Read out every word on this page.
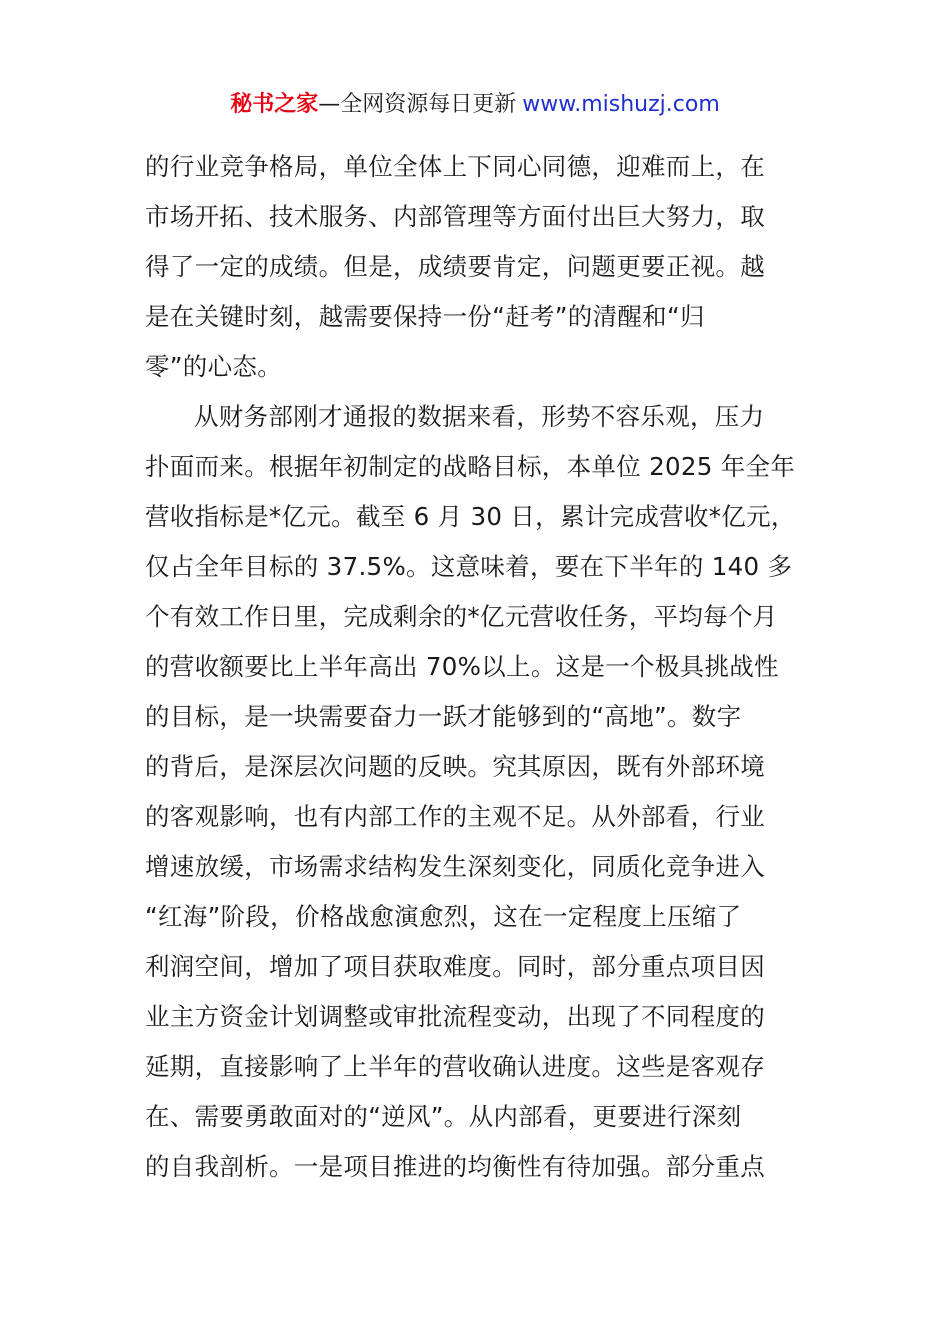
秘书之家—全网资源每日更新 www.mishuzj.com
的行业竞争格局，单位全体上下同心同德，迎难而上，在
市场开拓、技术服务、内部管理等方面付出巨大努力，取
得了一定的成绩。但是，成绩要肯定，问题更要正视。越
是在关键时刻，越需要保持一份“赶考”的清醒和“归
零”的心态。
从财务部刚才通报的数据来看，形势不容乐观，压力
扑面而来。根据年初制定的战略目标，本单位 2025 年全年
营收指标是*亿元。截至 6 月 30 日，累计完成营收*亿元，
仅占全年目标的 37.5%。这意味着，要在下半年的 140 多
个有效工作日里，完成剩余的*亿元营收任务，平均每个月
的营收额要比上半年高出 70%以上。这是一个极具挑战性
的目标，是一块需要奋力一跃才能够到的“高地”。数字
的背后，是深层次问题的反映。究其原因，既有外部环境
的客观影响，也有内部工作的主观不足。从外部看，行业
增速放缓，市场需求结构发生深刻变化，同质化竞争进入
“红海”阶段，价格战愈演愈烈，这在一定程度上压缩了
利润空间，增加了项目获取难度。同时，部分重点项目因
业主方资金计划调整或审批流程变动，出现了不同程度的
延期，直接影响了上半年的营收确认进度。这些是客观存
在、需要勇敢面对的“逆风”。从内部看，更要进行深刻
的自我剖析。一是项目推进的均衡性有待加强。部分重点
